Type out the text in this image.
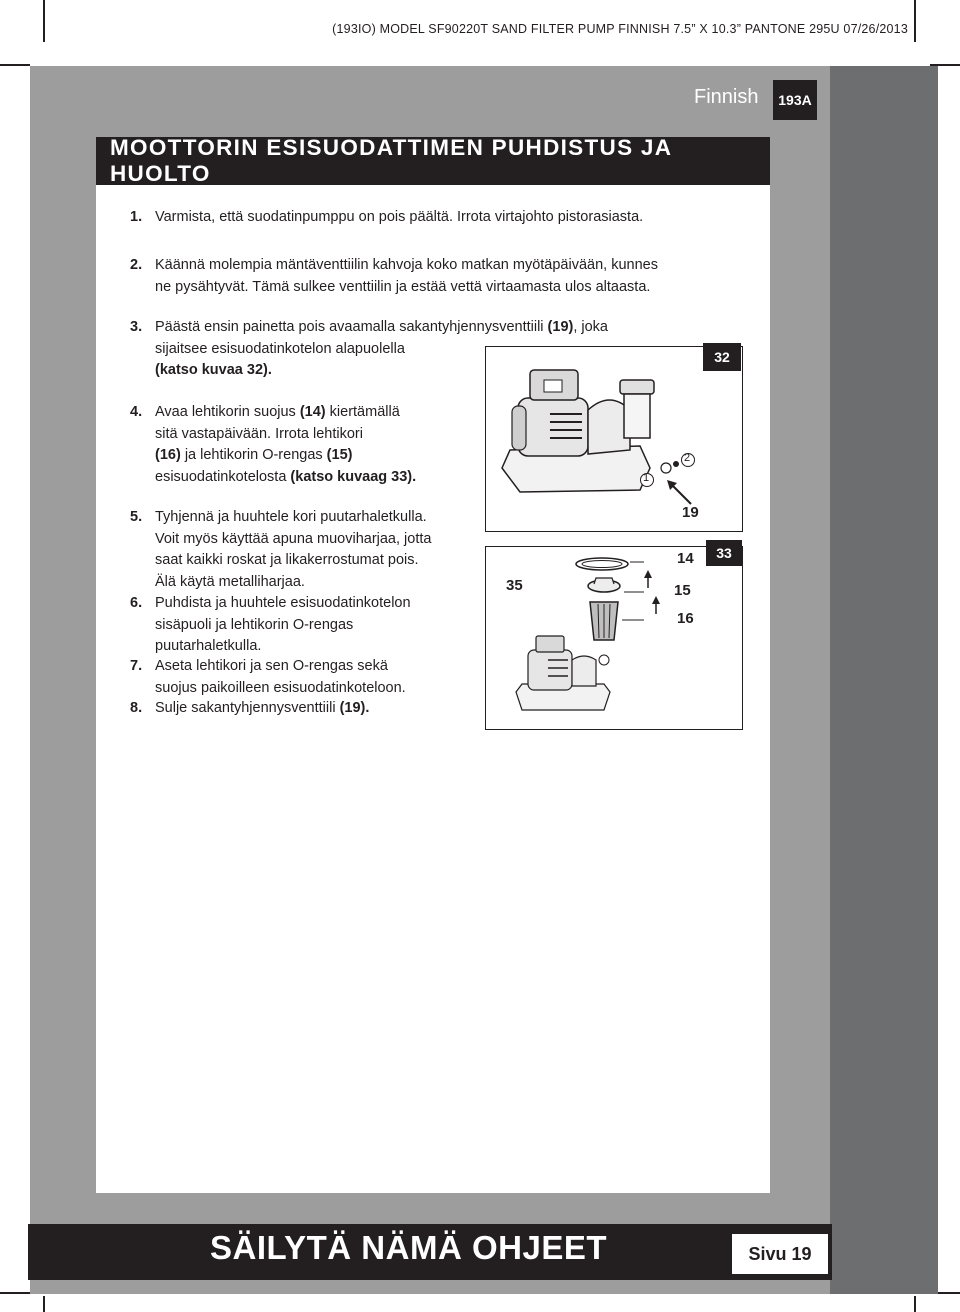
(193IO) MODEL SF90220T SAND FILTER PUMP FINNISH 7.5” X 10.3” PANTONE 295U 07/26/2013
Finnish	193A
MOOTTORIN ESISUODATTIMEN PUHDISTUS JA HUOLTO
1. Varmista, että suodatinpumppu on pois päältä. Irrota virtajohto pistorasiasta.
2. Käännä molempia mäntäventtiilin kahvoja koko matkan myötäpäivään, kunnes
ne pysähtyvät. Tämä sulkee venttiilin ja estää vettä virtaamasta ulos altaasta.
3. Päästä ensin painetta pois avaamalla sakantyhjennysventtiili (19), joka
sijaitsee esisuodatinkotelon alapuolella
(katso kuvaa 32).
4. Avaa lehtikorin suojus (14) kiertämällä
sitä vastapäivään. Irrota lehtikori
(16) ja lehtikorin O-rengas (15)
esisuodatinkotelosta (katso kuvaag 33).
5. Tyhjennä ja huuhtele kori puutarhaletkulla.
Voit myös käyttää apuna muoviharjaa, jotta
saat kaikki roskat ja likakerrostumat pois.
Älä käytä metalliharjaa.
6. Puhdista ja huuhtele esisuodatinkotelon
sisäpuoli ja lehtikorin O-rengas
puutarhaletkulla.
7. Aseta lehtikori ja sen O-rengas sekä
suojus paikoilleen esisuodatinkoteloon.
8. Sulje sakantyhjennysventtiili (19).
32
1
2
19
33
35
14
15
16
SÄILYTÄ NÄMÄ OHJEET	Sivu 19
